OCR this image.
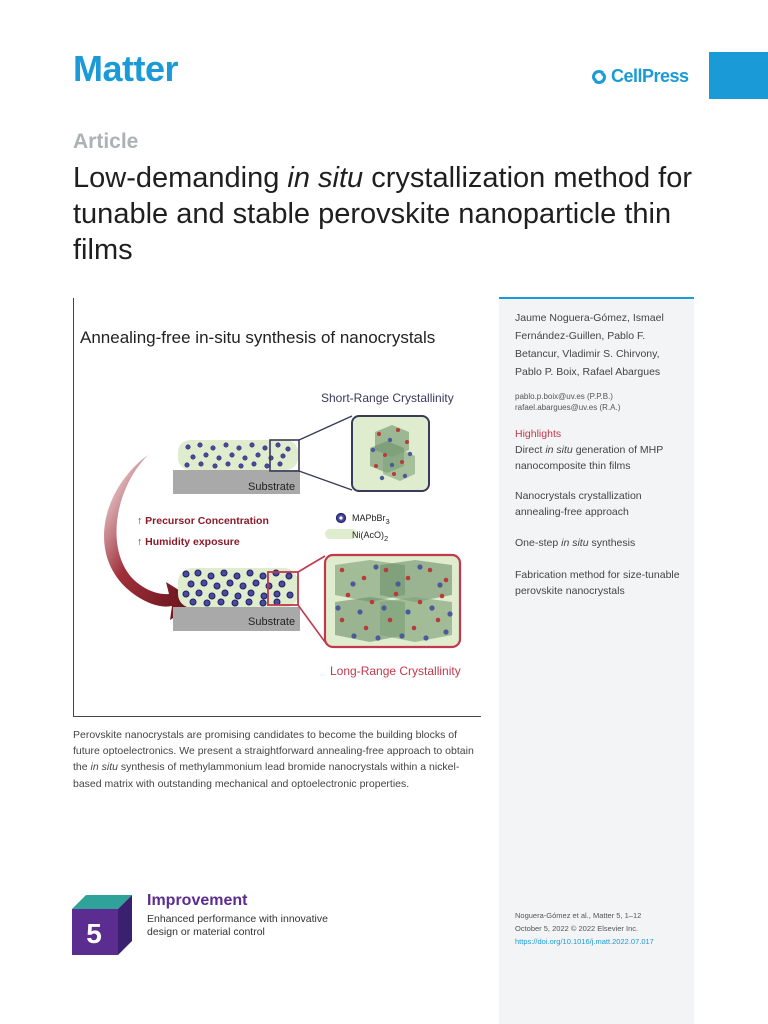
Matter	CellPress
Article
Low-demanding in situ crystallization method for tunable and stable perovskite nanoparticle thin films
Annealing-free in-situ synthesis of nanocrystals
Short-Range Crystallinity
Long-Range Crystallinity
Substrate
Substrate
↑ Precursor Concentration
↑ Humidity exposure
MAPbBr$_3$
$Ni(AcO)_2$

Perovskite nanocrystals are promising candidates to become the building blocks of future optoelectronics. We present a straightforward annealing-free approach to obtain the in situ synthesis of methylammonium lead bromide nanocrystals within a nickel-based matrix with outstanding mechanical and optoelectronic properties.

Jaume Noguera-Gómez, Ismael Fernández-Guillen, Pablo F. Betancur, Vladimir S. Chirvony, Pablo P. Boix, Rafael Abargues
pablo.p.boix@uv.es (P.P.B.)
rafael.abargues@uv.es (R.A.)
Highlights
Direct in situ generation of MHP nanocomposite thin films
Nanocrystals crystallization annealing-free approach
One-step in situ synthesis
Fabrication method for size-tunable perovskite nanocrystals
Noguera-Gómez et al., Matter 5, 1–12
October 5, 2022 © 2022 Elsevier Inc.
https://doi.org/10.1016/j.matt.2022.07.017
5
Improvement
Enhanced performance with innovative design or material control
